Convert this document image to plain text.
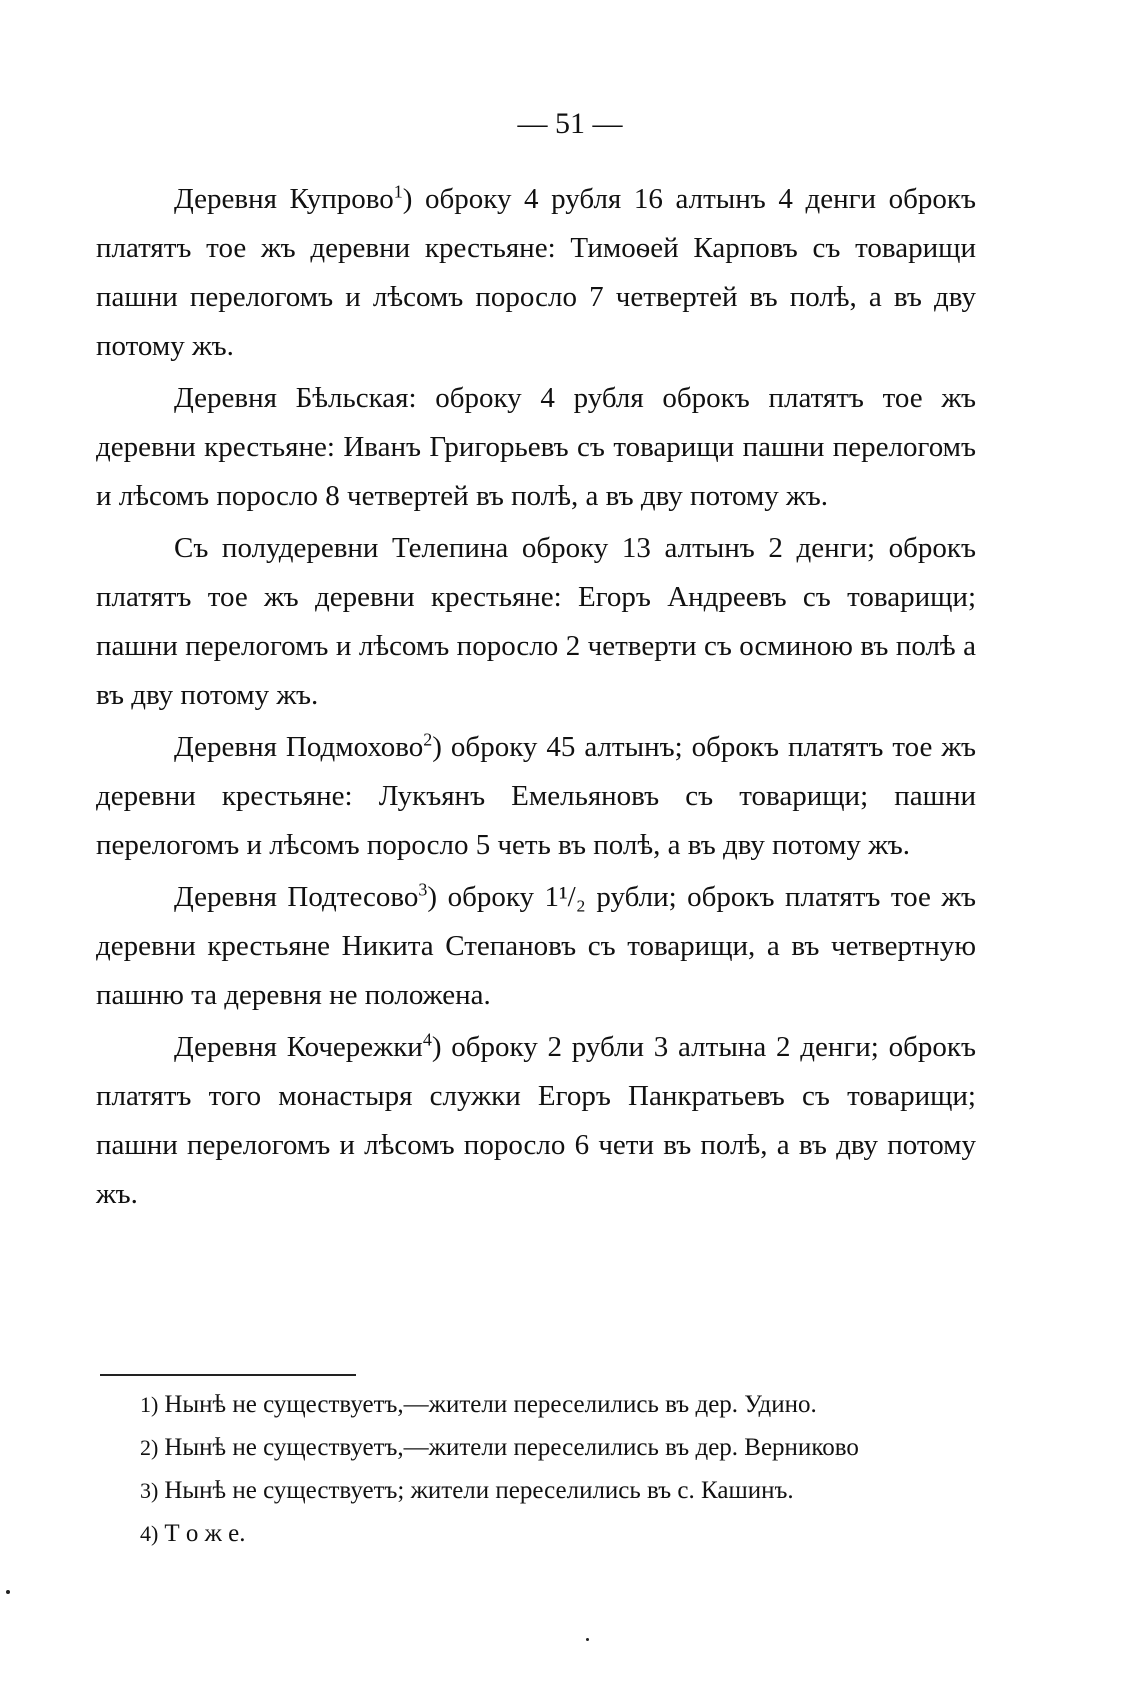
— 51 —

Деревня Купрово$^1$) оброку 4 рубля 16 алтынъ 4 денги оброкъ платятъ тое жъ деревни крестьяне: Тимоѳей Карповъ съ товарищи пашни перелогомъ и лѣсомъ поросло 7 четвертей въ полѣ, а въ дву потому жъ.

Деревня Бѣльская: оброку 4 рубля оброкъ платятъ тое жъ деревни крестьяне: Иванъ Григорьевъ съ товарищи пашни перелогомъ и лѣсомъ поросло 8 четвертей въ полѣ, а въ дву потому жъ.

Съ полудеревни Телепина оброку 13 алтынъ 2 денги; оброкъ платятъ тое жъ деревни крестьяне: Егоръ Андреевъ съ товарищи; пашни перелогомъ и лѣсомъ поросло 2 четверти съ осминою въ полѣ а въ дву потому жъ.

Деревня Подмохово$^2$) оброку 45 алтынъ; оброкъ платятъ тое жъ деревни крестьяне: Лукъянъ Емельяновъ съ товарищи; пашни перелогомъ и лѣсомъ поросло 5 четь въ полѣ, а въ дву потому жъ.

Деревня Подтесово$^3$) оброку 1¹/₂ рубли; оброкъ платятъ тое жъ деревни крестьяне Никита Степановъ съ товарищи, а въ четвертную пашню та деревня не положена.

Деревня Кочережки$^4$) оброку 2 рубли 3 алтына 2 денги; оброкъ платятъ того монастыря служки Егоръ Панкратьевъ съ товарищи; пашни перелогомъ и лѣсомъ поросло 6 чети въ полѣ, а въ дву потому жъ.

1) Нынѣ не существуетъ,—жители переселились въ дер. Удино.
2) Нынѣ не существуетъ,—жители переселились въ дер. Верниково
3) Нынѣ не существуетъ; жители переселились въ с. Кашинъ.
4) Т о ж е.
